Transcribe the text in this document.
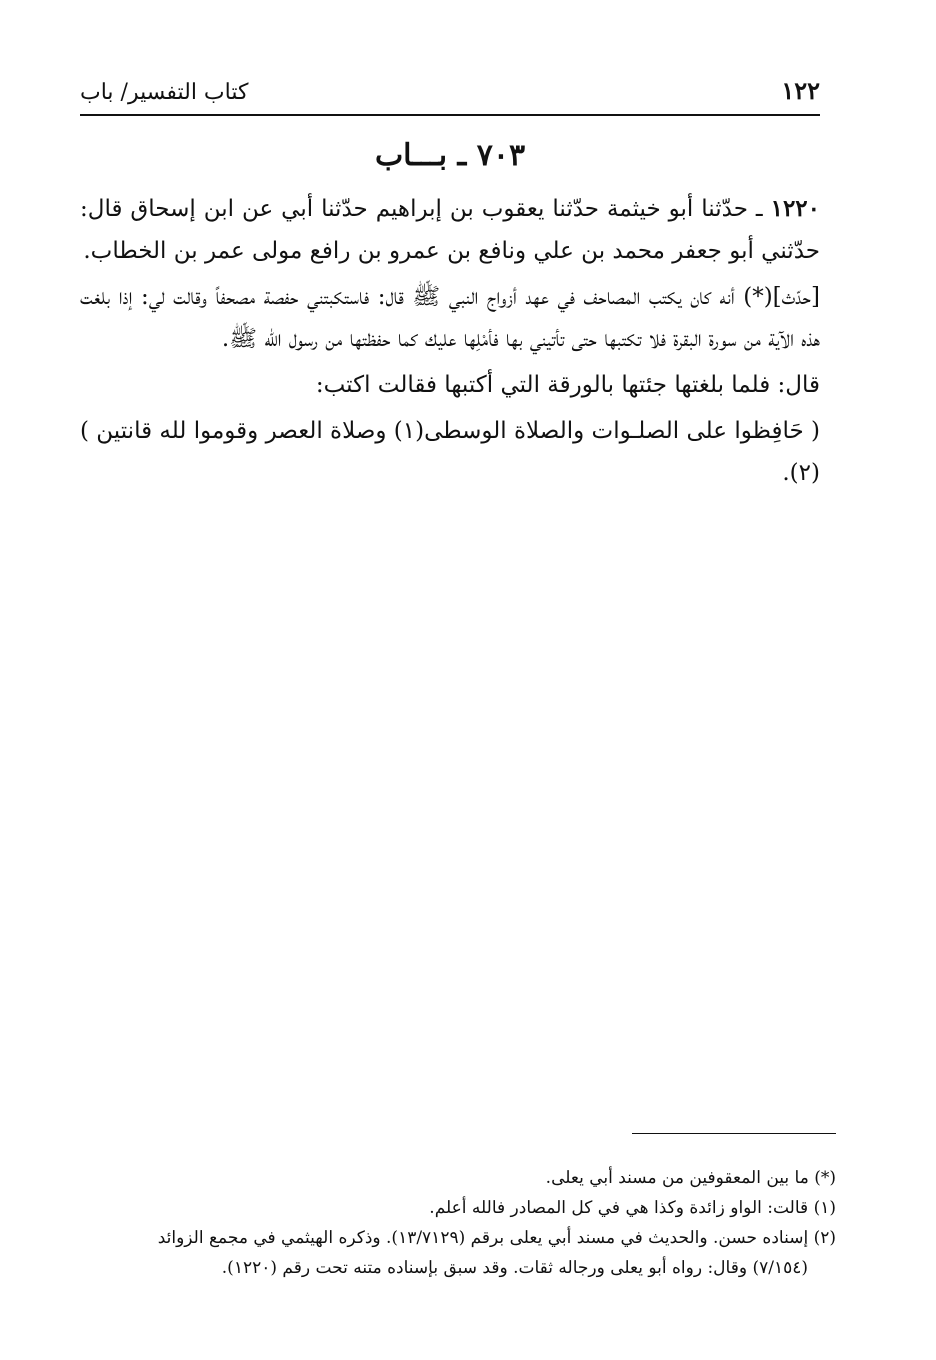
كتاب التفسير/ باب	١٢٢
٧٠٣ ـ بـــاب

١٢٢٠ ـ حدّثنا أبو خيثمة حدّثنا يعقوب بن إبراهيم حدّثنا أبي عن ابن إسحاق قال: حدّثني أبو جعفر محمد بن علي ونافع بن عمرو بن رافع مولى عمر بن الخطاب.

[حدّث](*) أنه كان يكتب المصاحف في عهد أزواج النبي ﷺ قال: فاستكبتني حفصة مصحفاً وقالت لي: إذا بلغت هذه الآية من سورة البقرة فلا تكتبها حتى تأتيني بها فأمْلِها عليك كما حفظتها من رسول الله ﷺ.

قال: فلما بلغتها جئتها بالورقة التي أكتبها فقالت اكتب:

( حَافِظوا على الصلـوات والصلاة الوسطى(١) وصلاة العصر وقوموا لله قانتين )(٢).

(*) ما بين المعقوفين من مسند أبي يعلى.

(١) قالت: الواو زائدة وكذا هي في كل المصادر فالله أعلم.

(٢) إسناده حسن. والحديث في مسند أبي يعلى برقم (١٣/٧١٢٩). وذكره الهيثمي في مجمع الزوائد

(٧/١٥٤) وقال: رواه أبو يعلى ورجاله ثقات. وقد سبق بإسناده متنه تحت رقم (١٢٢٠).
